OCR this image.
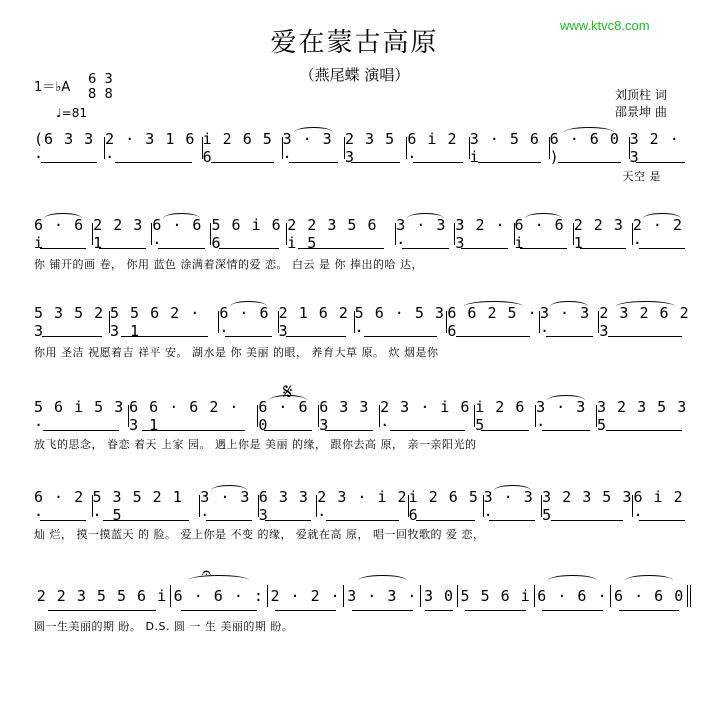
www.ktvc8.com
爱在蒙古高原
（燕尾蝶 演唱）
刘顶柱 词
邵景坤 曲
1＝♭A
6  3
8  8
♩=81
𝄋
𝄐
(6 3 3 ·
2 · 3 1 6 ·
i 2 6 5 6
3 · 3 ·
2 3 5 3
6 i 2 ·
3 · 5 6 i
6 · 6 0 )
3 2 · 3
天空 是
6 · 6 i
2 2 3 1
6 · 6 ·
5 6 i 6 6
2 2 3 5 6 i 5
3 · 3 ·
3 2 · 3
6 · 6 i
2 2 3 1
2 · 2 ·
你 铺开的画 卷， 你用 蓝色 涂满着深情的爱 恋。 白云 是 你 捧出的哈 达，
5 3 5 2 3
5 5 6 2 · 3 1
6 · 6 ·
2 1 6 2 3
5 6 · 5 3 ·
6 6 2 5 · 6
3 · 3 ·
2 3 2 6 2 3
你用 圣洁 祝愿着吉 祥平 安。 湖水是 你 美丽 的眼， 养育大草 原。 炊 烟是你
5 6 i 5 3 ·
6 6 · 6 2 · 3 1
6 · 6 0
6 3 3 3
2 3 · i 6 ·
i 2 6 5
3 · 3 ·
3 2 3 5 3 5
放飞的思念， 眷恋 着天 上家 园。 遇上你是 美丽 的缘， 跟你去高 原， 亲一亲阳光的
6 · 2 ·
5 3 5 2 1 · 5
3 · 3 ·
6 3 3 3
2 3 · i 2 ·
i 2 6 5 6
3 · 3 ·
3 2 3 5 3 5
6 i 2 ·
灿 烂， 摸一摸蓝天 的 脸。 爱上你是 不变 的缘， 爱就在高 原， 唱一回牧歌的 爱 恋，
2 2 3 5 5 6 i 6 · 6 · : 2 · 2 · 3 · 3 · 3 0 5 5 6 i 6 · 6 · 6 · 6 0
圆一生美丽的期 盼。 D.S. 圆 一 生 美丽的期 盼。
